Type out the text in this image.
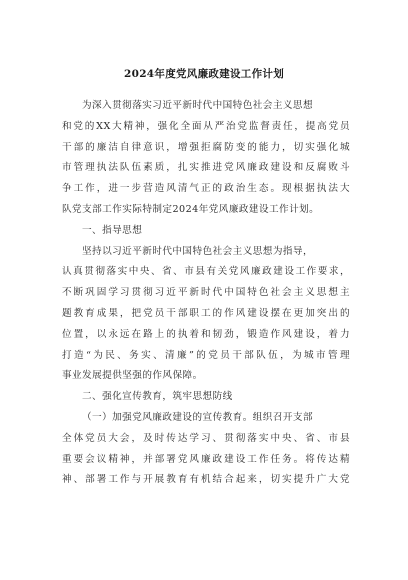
2024年度党风廉政建设工作计划
为深入贯彻落实习近平新时代中国特色社会主义思想
和党的XX大精神，强化全面从严治党监督责任，提高党员
干部的廉洁自律意识，增强拒腐防变的能力，切实强化城
市管理执法队伍素质，扎实推进党风廉政建设和反腐败斗
争工作，进一步营造风清气正的政治生态。现根据执法大
队党支部工作实际特制定2024年党风廉政建设工作计划。
一、指导思想
坚持以习近平新时代中国特色社会主义思想为指导，
认真贯彻落实中央、省、市县有关党风廉政建设工作要求，
不断巩固学习贯彻习近平新时代中国特色社会主义思想主
题教育成果，把党员干部职工的作风建设摆在更加突出的
位置，以永远在路上的执着和韧劲，锻造作风建设，着力
打造“为民、务实、清廉”的党员干部队伍，为城市管理
事业发展提供坚强的作风保障。
二、强化宣传教育，筑牢思想防线
（一）加强党风廉政建设的宣传教育。组织召开支部
全体党员大会，及时传达学习、贯彻落实中央、省、市县
重要会议精神，并部署党风廉政建设工作任务。将传达精
神、部署工作与开展教育有机结合起来，切实提升广大党
